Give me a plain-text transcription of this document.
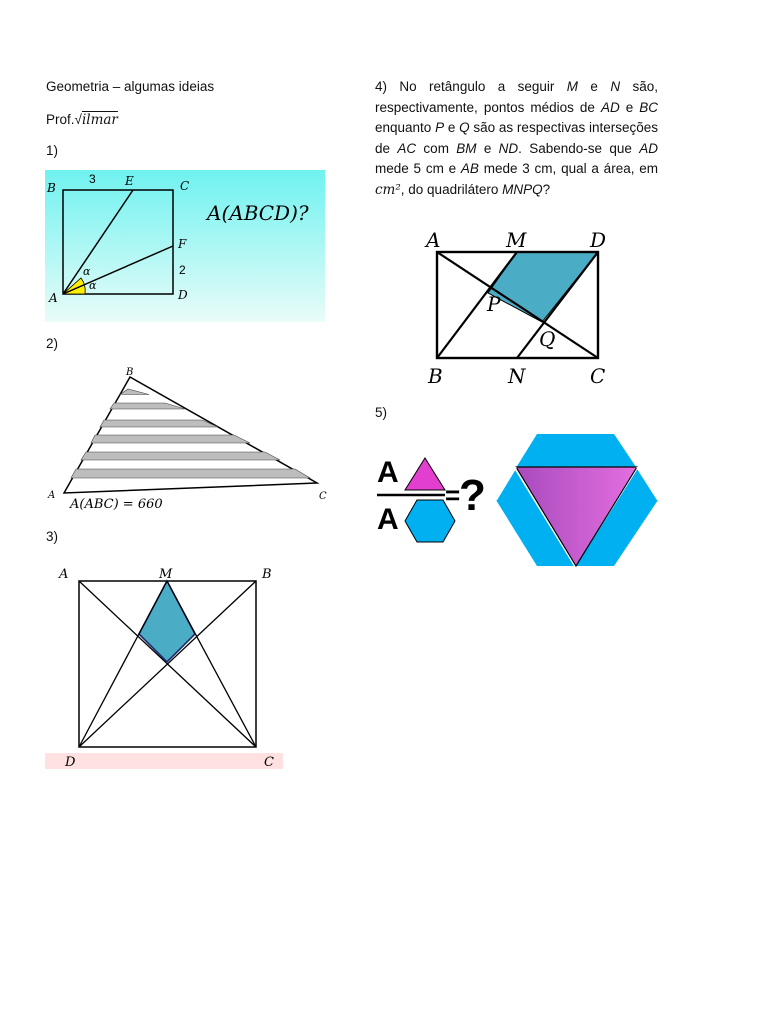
Geometria – algumas ideias
Prof.√ilmar
1)
B
3 E	C
F
2
A	D
α
α
A(ABCD)?
2)
A
B
C
A(ABC) = 660
3)
A	M	B
D	C
4) No retângulo a seguir M e N são, respectivamente, pontos médios de AD e BC enquanto P e Q são as respectivas interseções de AC com BM e ND. Sabendo-se que AD mede 5 cm e AB mede 3 cm, qual a área, em cm², do quadrilátero MNPQ?
A	M	D
P
Q
B	N	C
5)
A
A
=
?
